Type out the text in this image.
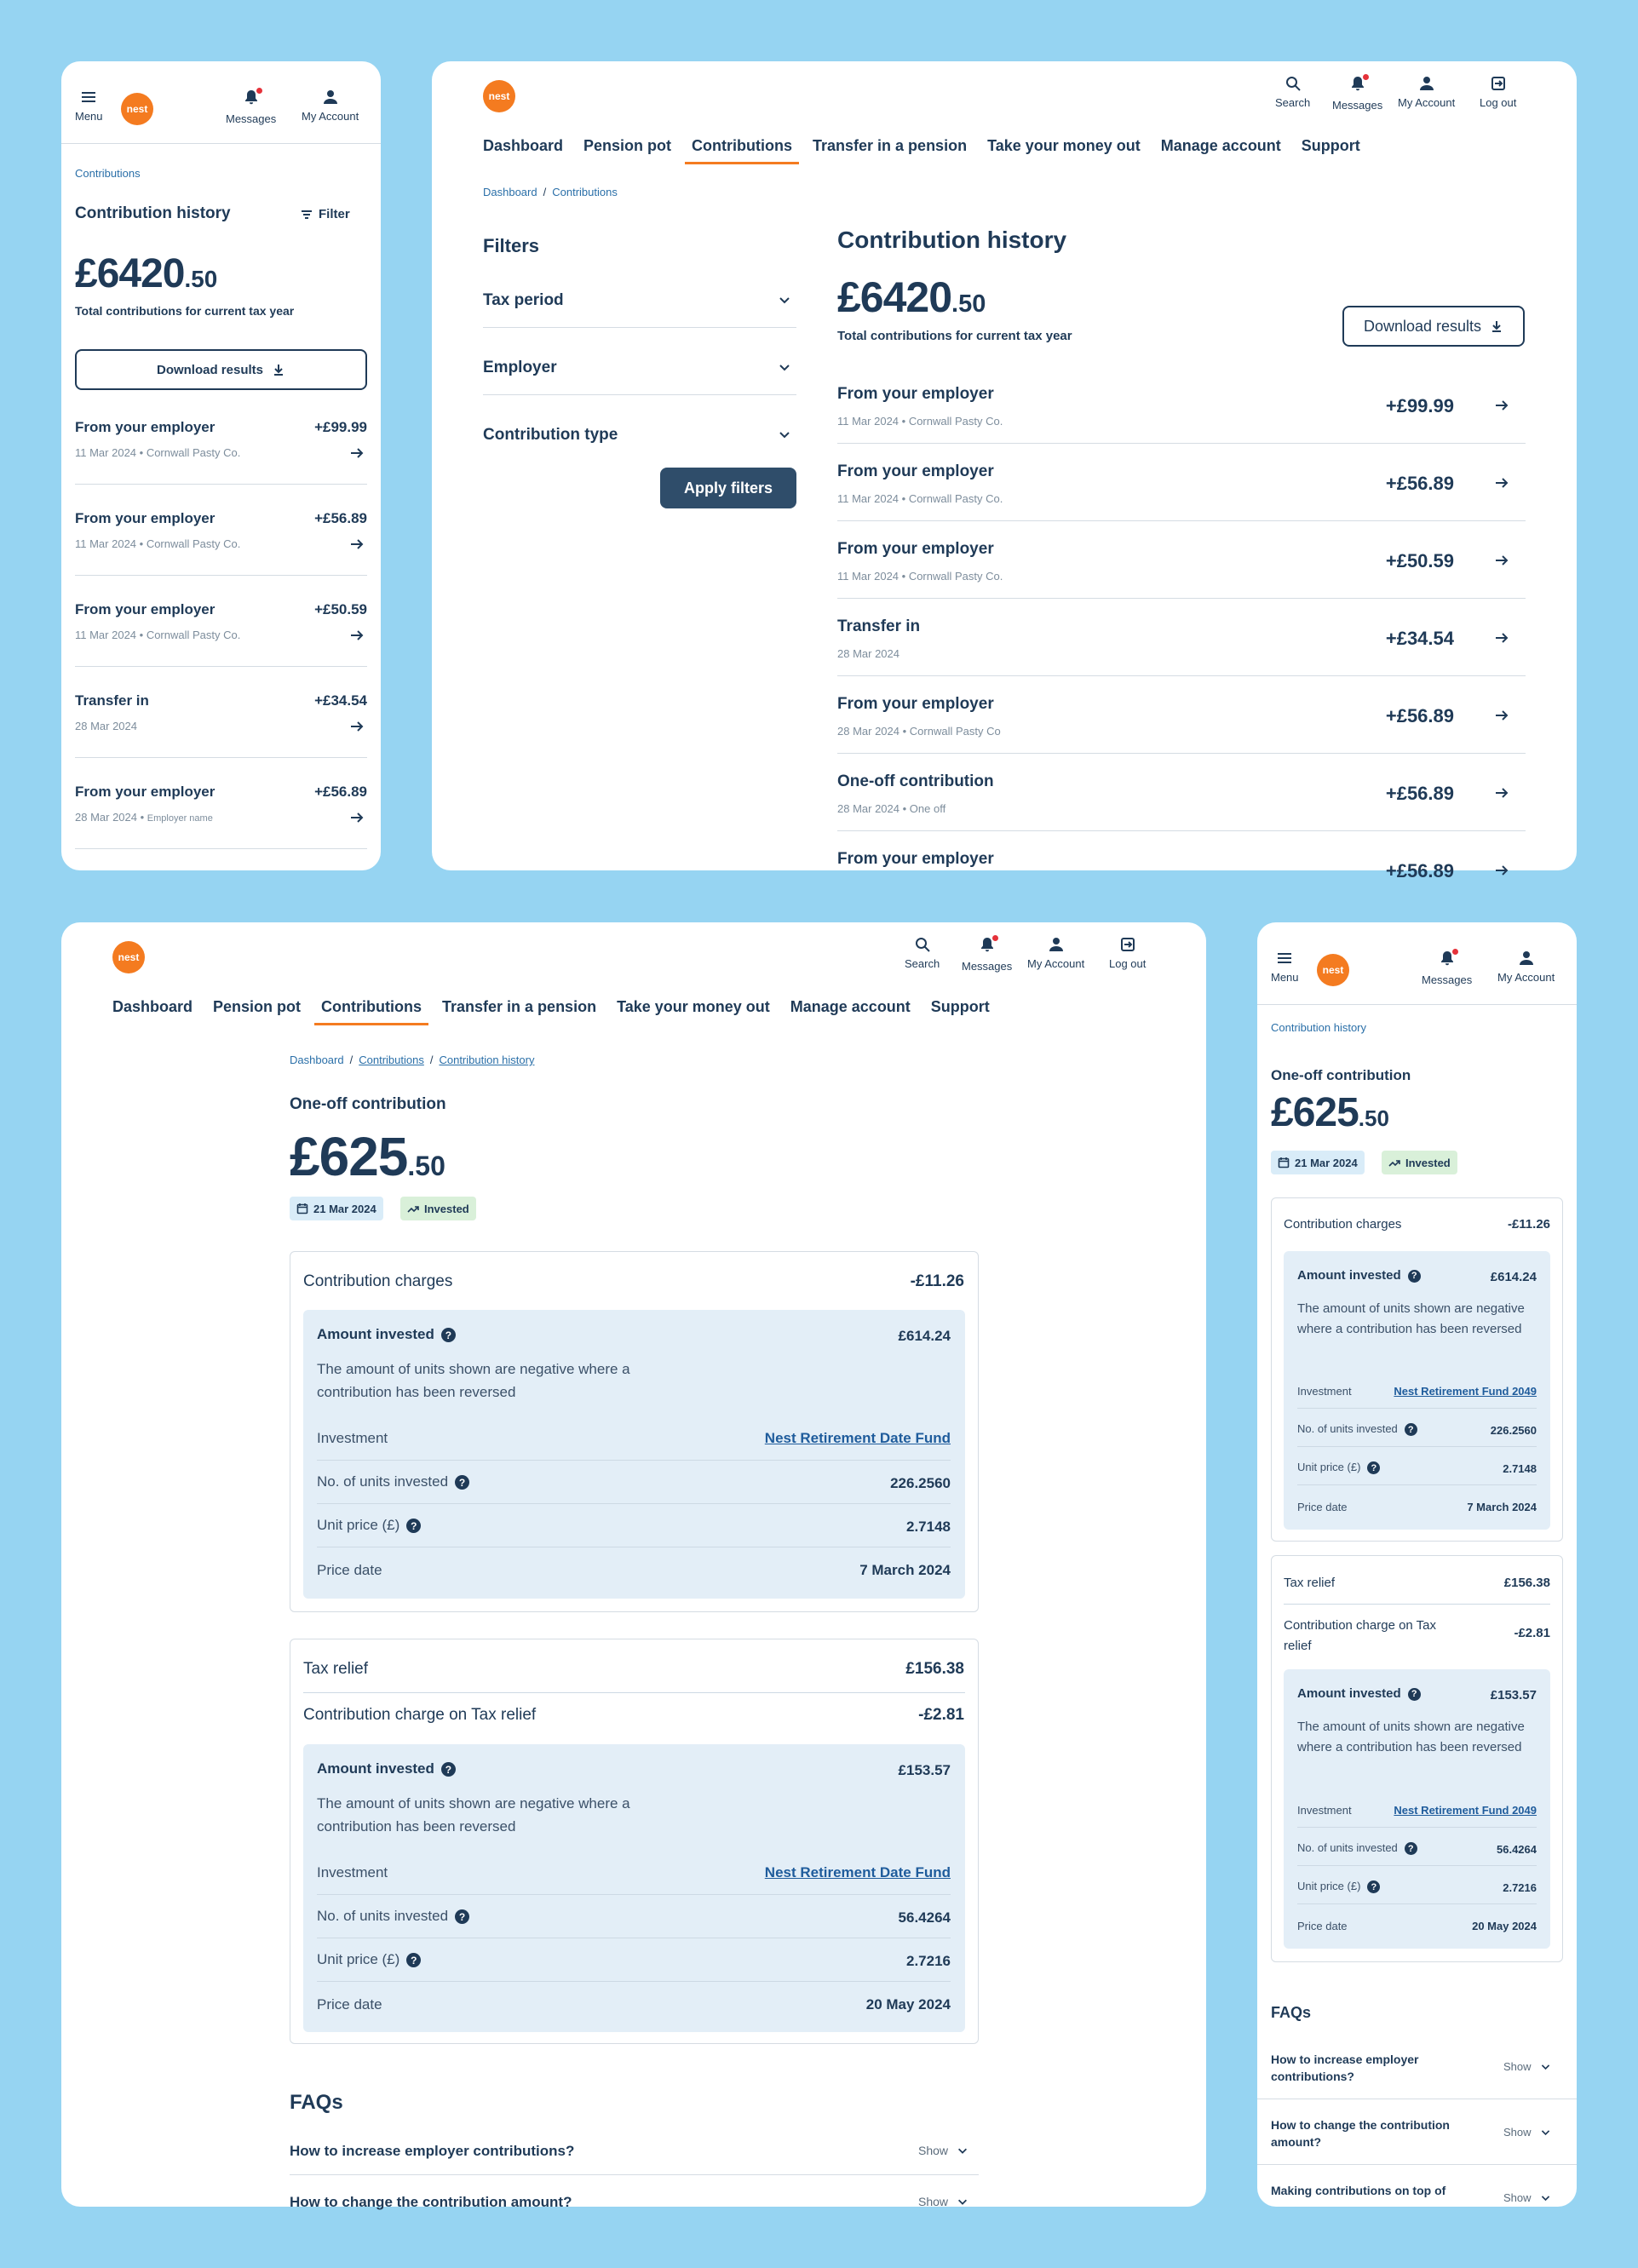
Menu
nest
Messages My Account
Contributions
Contribution history	Filter
£6420.50
Total contributions for current tax year
Download results
From your employer	+£99.99
11 Mar 2024 • Cornwall Pasty Co.
From your employer	+£56.89
11 Mar 2024 • Cornwall Pasty Co.
From your employer	+£50.59
11 Mar 2024 • Cornwall Pasty Co.
Transfer in	+£34.54
28 Mar 2024
From your employer	+£56.89
28 Mar 2024 • Employer name
nest	Search Messages My Account Log out
Dashboard Pension pot	Contributions	Transfer in a pension Take your money out Manage account Support
Dashboard / Contributions
Filters
Tax period
Employer
Contribution type
Apply filters
Contribution history
£6420.50
Total contributions for current tax year
Download results
From your employer
+£99.99
11 Mar 2024 • Cornwall Pasty Co.
From your employer
+£56.89
11 Mar 2024 • Cornwall Pasty Co.
From your employer
+£50.59
11 Mar 2024 • Cornwall Pasty Co.
Transfer in
+£34.54
28 Mar 2024
From your employer
+£56.89
28 Mar 2024 • Cornwall Pasty Co
One-off contribution
+£56.89
28 Mar 2024 • One off
From your employer
+£56.89
nest	Search Messages My Account Log out
Dashboard Pension pot	Contributions	Transfer in a pension Take your money out Manage account Support
Dashboard / Contributions / Contribution history
One-off contribution
£625.50
21 Mar 2024	Invested
Contribution charges	-£11.26
Amount invested ?	£614.24
The amount of units shown are negative where a contribution has been reversed
Investment	Nest Retirement Date Fund
No. of units invested ?	226.2560
Unit price (£) ?	2.7148
Price date	7 March 2024
Tax relief	£156.38
Contribution charge on Tax relief	-£2.81
Amount invested ?	£153.57
The amount of units shown are negative where a contribution has been reversed
Investment	Nest Retirement Date Fund
No. of units invested ?	56.4264
Unit price (£) ?	2.7216
Price date	20 May 2024
FAQs
How to increase employer contributions?	Show
How to change the contribution amount?	Show
Menu
nest
Messages My Account
Contribution history
One-off contribution
£625.50
21 Mar 2024	Invested
Contribution charges	-£11.26
Amount invested ?	£614.24
The amount of units shown are negative where a contribution has been reversed
Investment	Nest Retirement Fund 2049
No. of units invested ?	226.2560
Unit price (£) ?	2.7148
Price date	7 March 2024
Tax relief	£156.38
Contribution charge on Tax relief
-£2.81
Amount invested ?	£153.57
The amount of units shown are negative where a contribution has been reversed
Investment	Nest Retirement Fund 2049
No. of units invested ?	56.4264
Unit price (£) ?	2.7216
Price date	20 May 2024
FAQs
How to increase employer contributions?
Show
How to change the contribution amount?
Show
Making contributions on top of
Show
